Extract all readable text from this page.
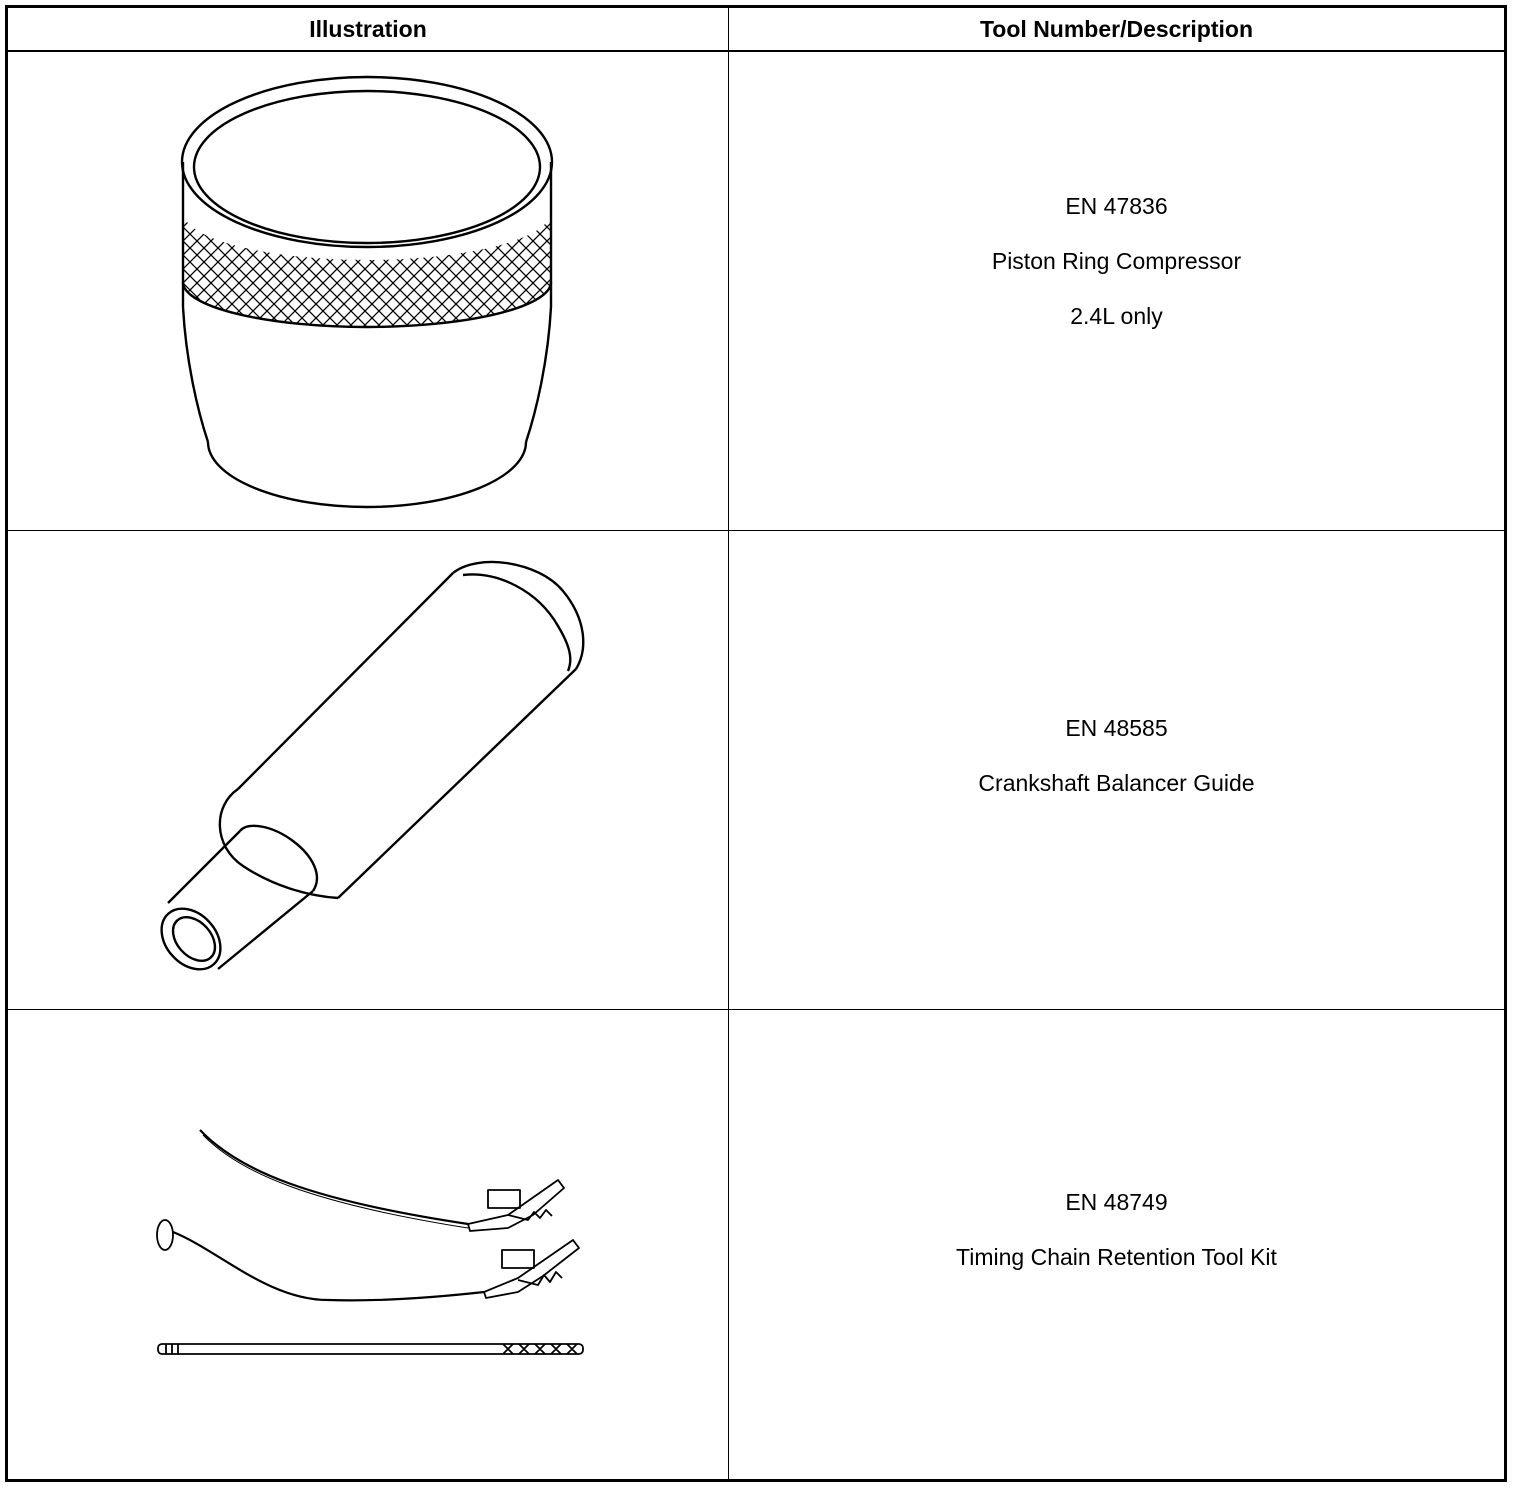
Illustration	Tool Number/Description

EN 47836

Piston Ring Compressor

2.4L only

EN 48585

Crankshaft Balancer Guide

EN 48749

Timing Chain Retention Tool Kit
